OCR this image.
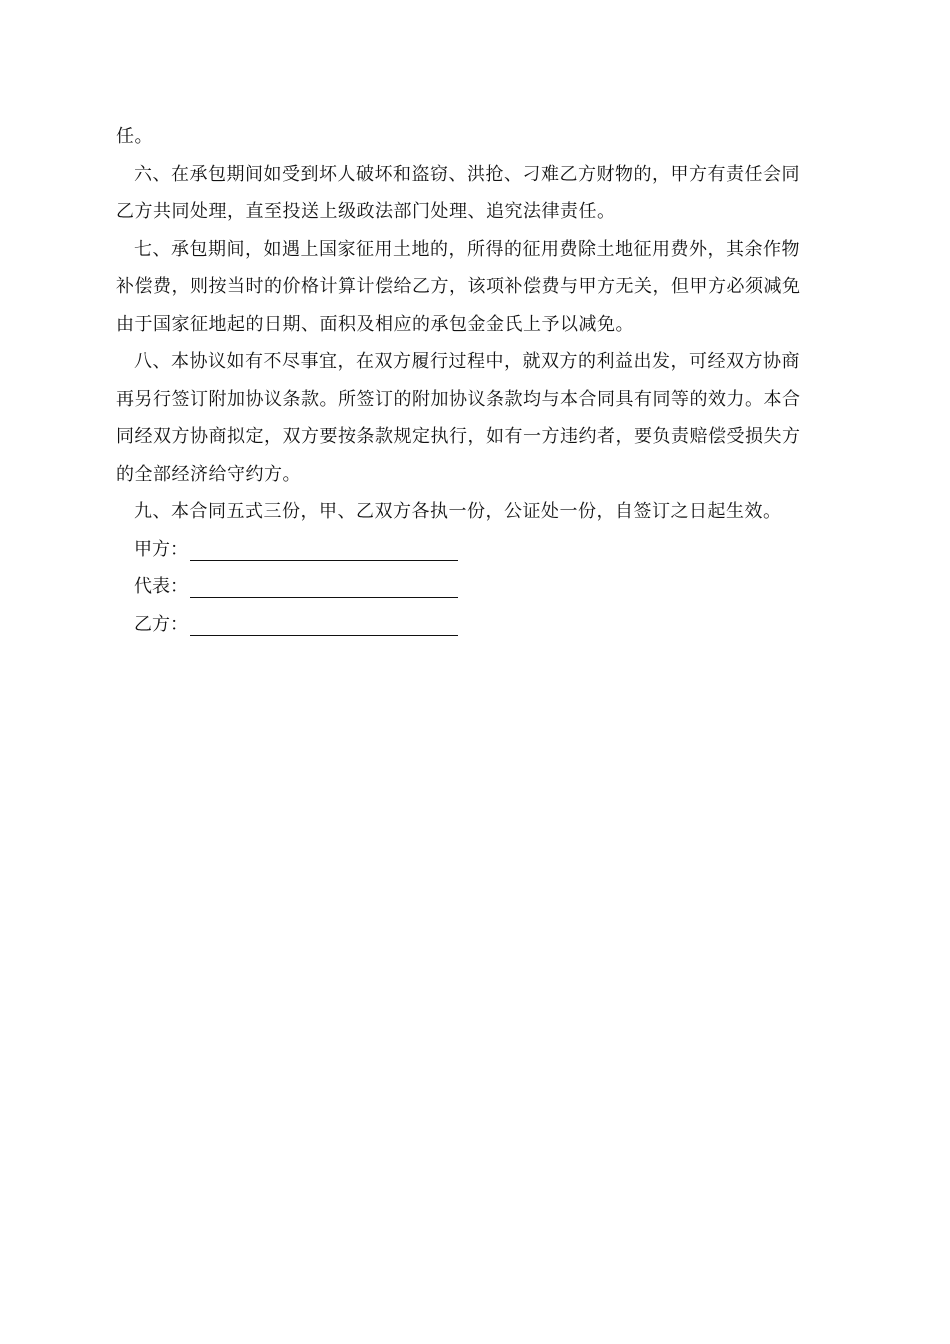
任。
六、在承包期间如受到坏人破坏和盗窃、洪抢、刁难乙方财物的，甲方有责任会同
乙方共同处理，直至投送上级政法部门处理、追究法律责任。
七、承包期间，如遇上国家征用土地的，所得的征用费除土地征用费外，其余作物
补偿费，则按当时的价格计算计偿给乙方，该项补偿费与甲方无关，但甲方必须减免
由于国家征地起的日期、面积及相应的承包金金氏上予以减免。
八、本协议如有不尽事宜，在双方履行过程中，就双方的利益出发，可经双方协商
再另行签订附加协议条款。所签订的附加协议条款均与本合同具有同等的效力。本合
同经双方协商拟定，双方要按条款规定执行，如有一方违约者，要负责赔偿受损失方
的全部经济给守约方。
九、本合同五式三份，甲、乙双方各执一份，公证处一份，自签订之日起生效。
甲方：
代表：
乙方：
